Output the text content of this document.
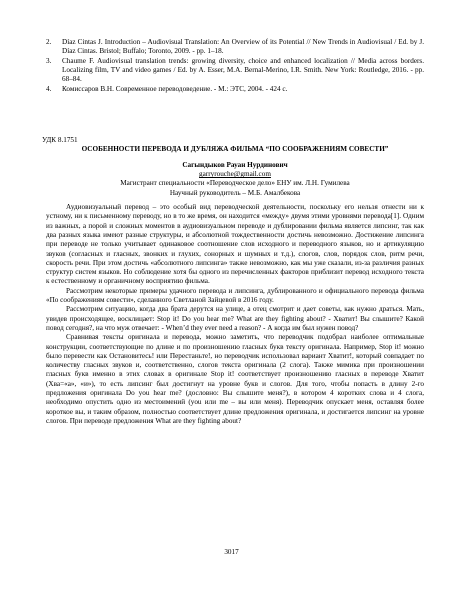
2.	Díaz Cintas J. Introduction – Audiovisual Translation: An Overview of its Potential // New Trends in Audiovisual / Ed. by J. Díaz Cintas. Bristol; Buffalo; Toronto, 2009. - pp. 1–18.
3.	Chaume F. Audiovisual translation trends: growing diversity, choice and enhanced localization // Media across borders. Localizing film, TV and video games / Ed. by A. Esser, M.A. Bernal-Merino, I.R. Smith. New York: Routledge, 2016. - pp. 68–84.
4.	Комиссаров В.Н. Современное переводоведение. - М.: ЭТС, 2004. - 424 с.
УДК 8.1751
ОСОБЕННОСТИ ПЕРЕВОДА И ДУБЛЯЖА ФИЛЬМА “ПО СООБРАЖЕНИЯМ СОВЕСТИ”
Сагындыков Рауан Нурдинович
garryrouche@gmail.com
Магистрант специальности «Переводческое дело» ЕНУ им. Л.Н. Гумилева
Научный руководитель – М.Б. Амалбекова

Аудиовизуальный перевод – это особый вид переводческой деятельности, поскольку его нельзя отнести ни к устному, ни к письменному переводу, но в то же время, он находится «между» двумя этими уровнями перевода[1]. Одним из важных, а порой и сложных моментов в аудиовизуальном переводе и дублировании фильма является липсинг, так как два разных языка имеют разные структуры, и абсолютной тождественности достичь невозможно. Достижение липсинга при переводе не только учитывает одинаковое соотношение слов исходного и переводного языков, но и артикуляцию звуков (согласных и гласных, звонких и глухих, сонорных и шумных и т.д.), слогов, слов, порядок слов, ритм речи, скорость речи. При этом достичь «абсолютного липсинга» также невозможно, как мы уже сказали, из-за различия разных структур систем языков. Но соблюдение хотя бы одного из перечисленных факторов приблизит перевод исходного текста к естественному и органичному восприятию фильма.

Рассмотрим некоторые примеры удачного перевода и липсинга, дублированного и официального перевода фильма «По соображениям совести», сделанного Светланой Зайцевой в 2016 году.

Рассмотрим ситуацию, когда два брата дерутся на улице, а отец смотрит и дает советы, как нужно драться. Мать, увидев происходящее, восклицает: Stop it! Do you hear me? What are they fighting about? - Хватит! Вы слышите? Какой повод сегодня?, на что муж отвечает: - When’d they ever need a reason? - А когда им был нужен повод?

Сравнивая тексты оригинала и перевода, можно заметить, что переводчик подобрал наиболее оптимальные конструкции, соответствующие по длине и по произношению гласных букв тексту оригинала. Например, Stop it! можно было перевести как Остановитесь! или Перестаньте!, но переводчик использовал вариант Хватит!, который совпадает по количеству гласных звуков и, соответственно, слогов текста оригинала (2 слога). Также мимика при произношении гласных букв именно в этих словах в оригинале Stop it! соответствует произношению гласных в переводе Хватит (Хва=«а», «и»), то есть липсинг был достигнут на уровне букв и слогов. Для того, чтобы попасть в длину 2-го предложения оригинала Do you hear me? (дословно: Вы слышите меня?), в котором 4 коротких слова и 4 слога, необходимо опустить одно из местоимений (you или me – вы или меня). Переводчик опускает меня, оставляя более короткое вы, и таким образом, полностью соответствует длине предложения оригинала, и достигается липсинг на уровне слогов. При переводе предложения What are they fighting about?

3017
